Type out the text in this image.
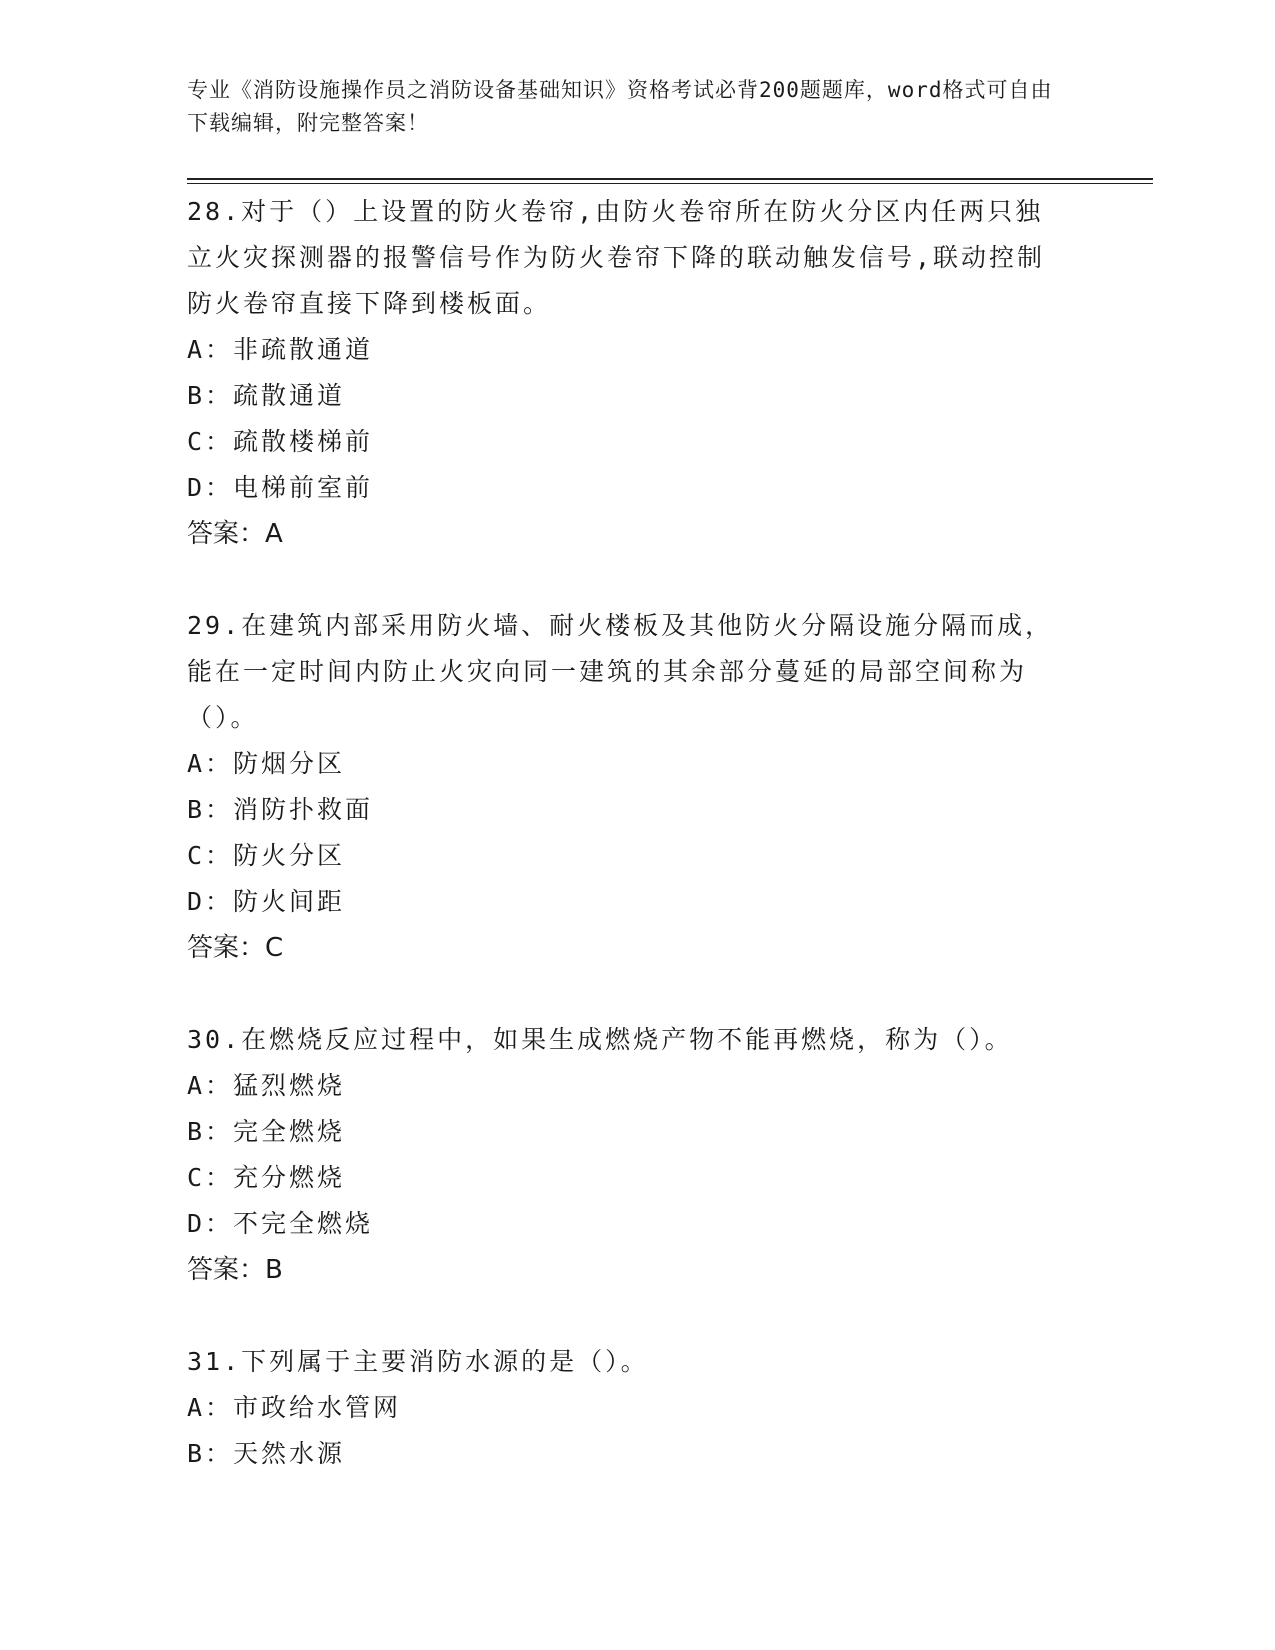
专业《消防设施操作员之消防设备基础知识》资格考试必背200题题库，word格式可自由下载编辑，附完整答案！

28.对于（）上设置的防火卷帘,由防火卷帘所在防火分区内任两只独立火灾探测器的报警信号作为防火卷帘下降的联动触发信号,联动控制防火卷帘直接下降到楼板面。

A：非疏散通道

B：疏散通道

C：疏散楼梯前

D：电梯前室前

答案：A

29.在建筑内部采用防火墙、耐火楼板及其他防火分隔设施分隔而成，能在一定时间内防止火灾向同一建筑的其余部分蔓延的局部空间称为（）。

A：防烟分区

B：消防扑救面

C：防火分区

D：防火间距

答案：C

30.在燃烧反应过程中，如果生成燃烧产物不能再燃烧，称为（）。

A：猛烈燃烧

B：完全燃烧

C：充分燃烧

D：不完全燃烧

答案：B

31.下列属于主要消防水源的是（）。

A：市政给水管网

B：天然水源
